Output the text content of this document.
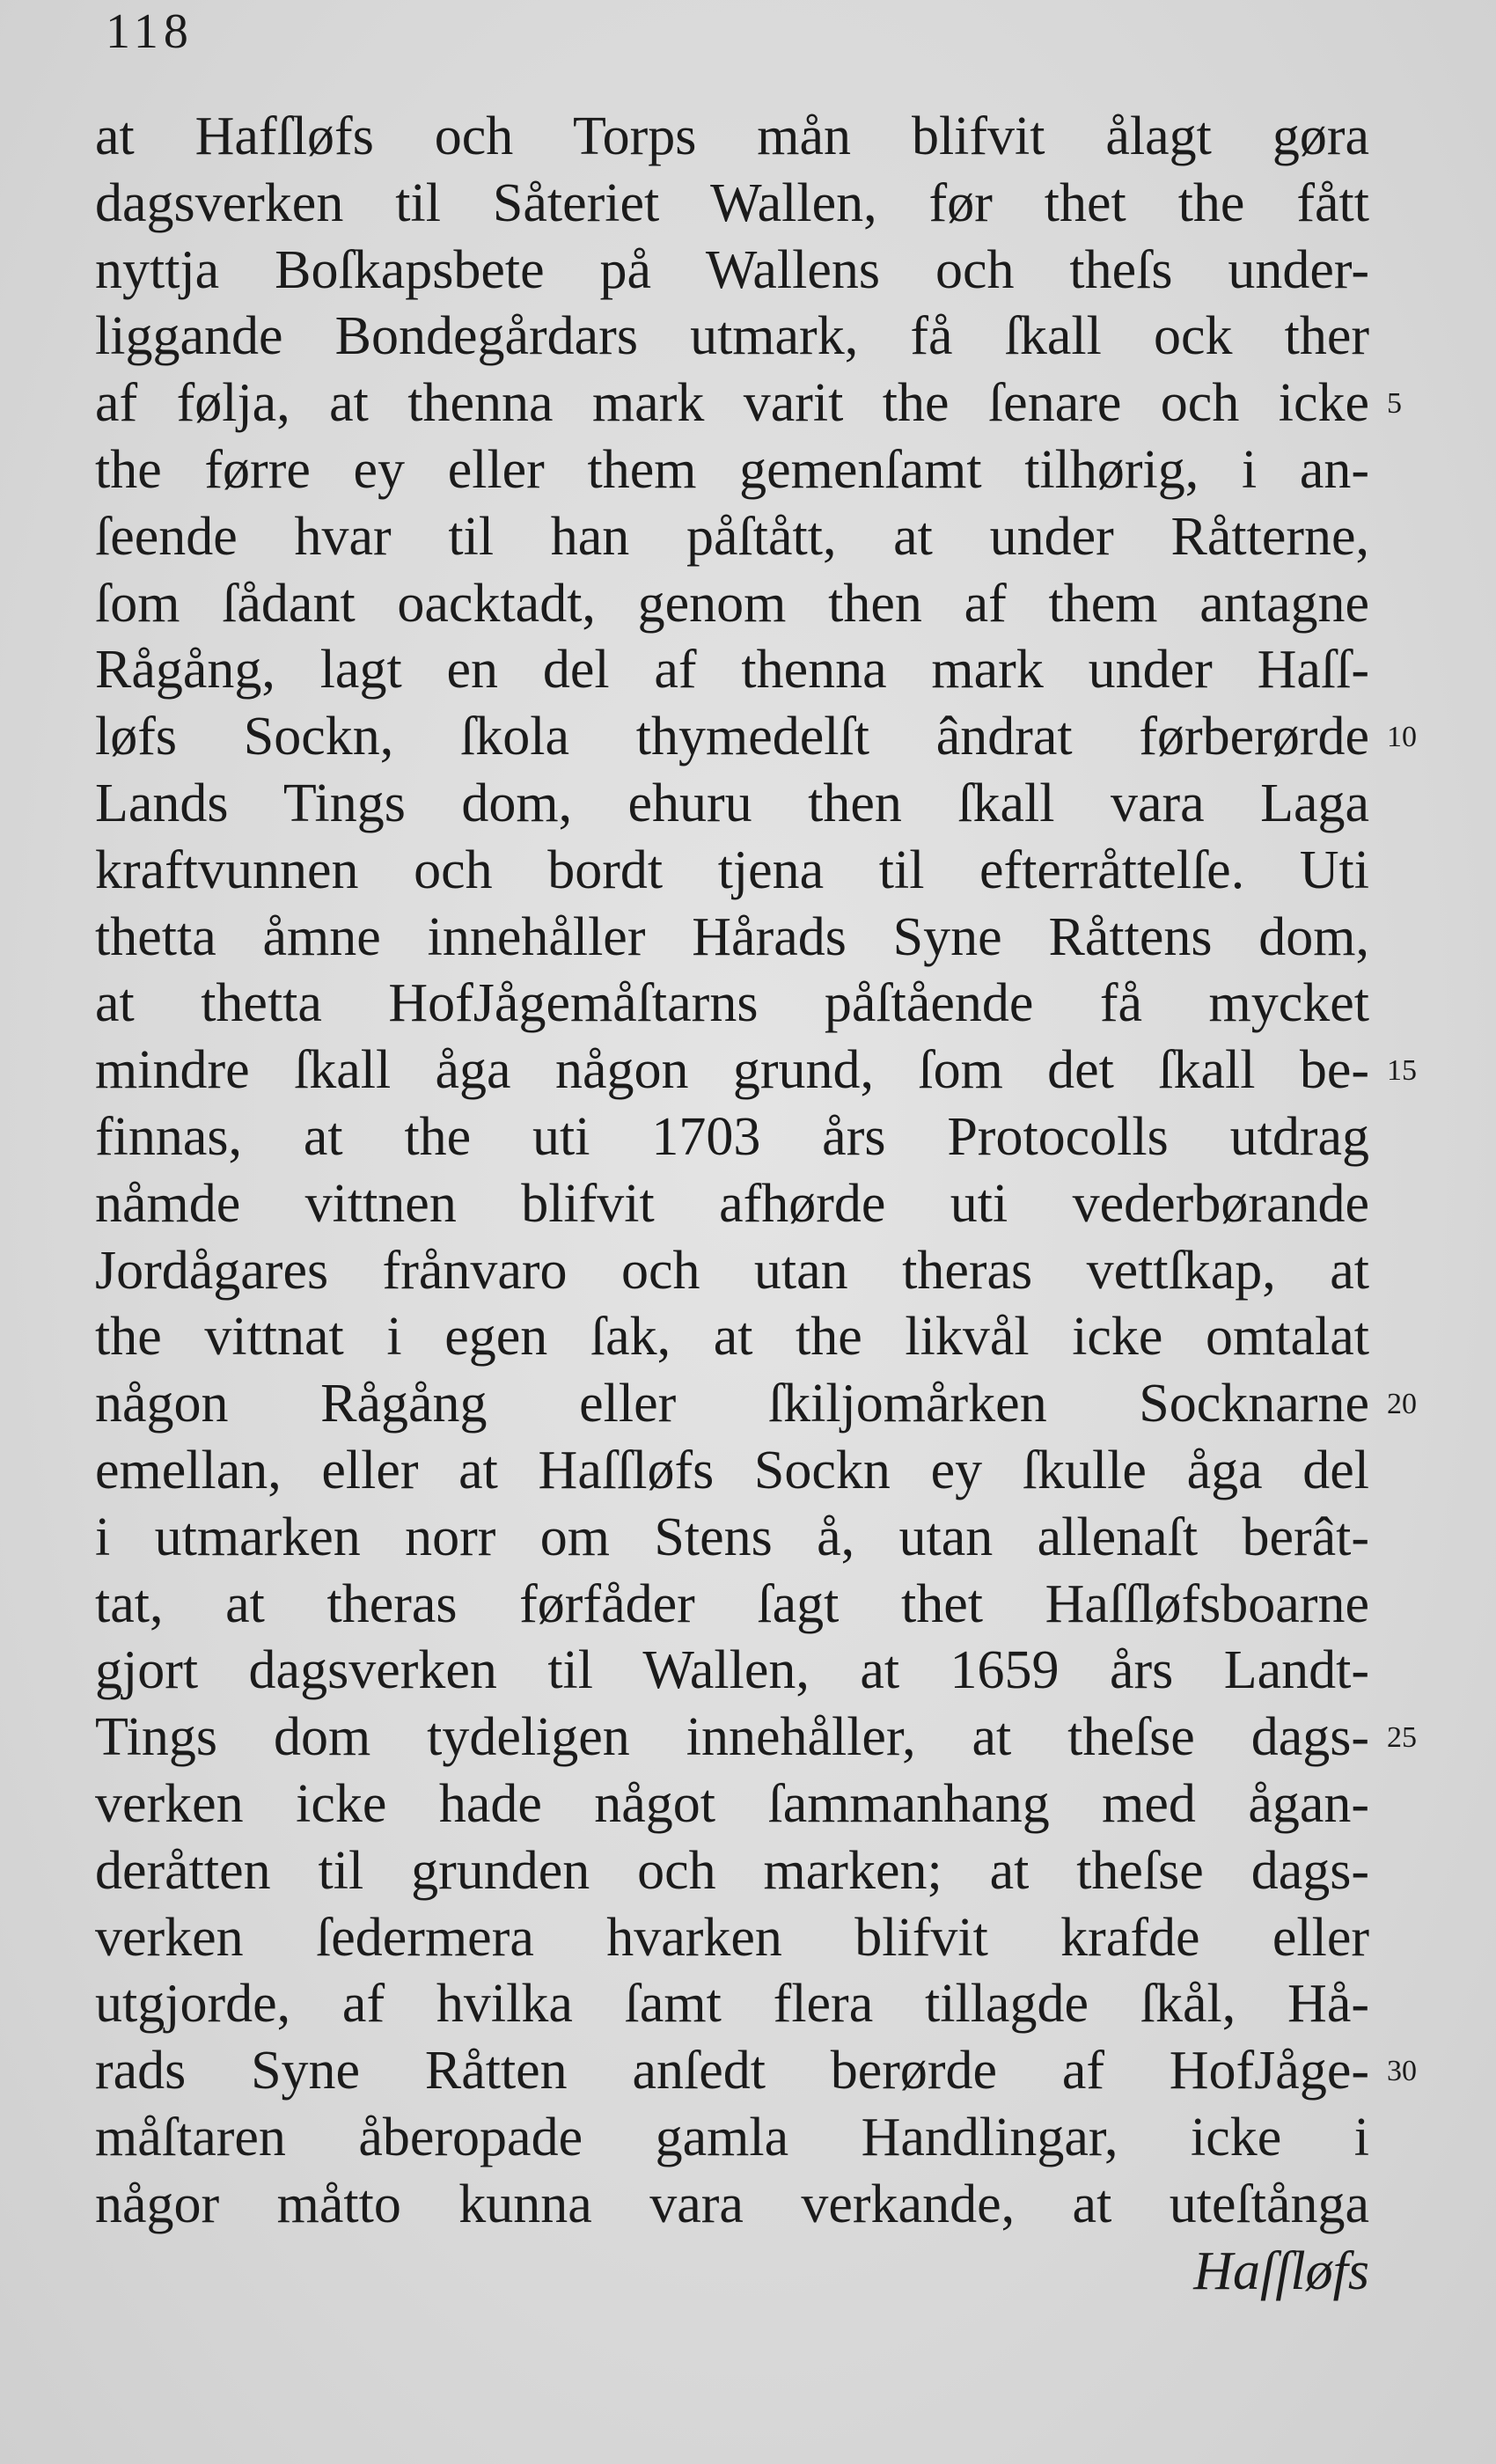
118
at Hafſløfs och Torps mån blifvit ålagt gøra
dagsverken til Såteriet Wallen, før thet the fått
nyttja Boſkapsbete på Wallens och theſs under-
liggande Bondegårdars utmark, få ſkall ock ther
af følja, at thenna mark varit the ſenare och icke 5
the førre ey eller them gemenſamt tilhørig, i an-
ſeende hvar til han påſtått, at under Råtterne,
ſom ſådant oacktadt, genom then af them antagne
Rågång, lagt en del af thenna mark under Haſſ-
løfs Sockn, ſkola thymedelſt ândrat førberørde 10
Lands Tings dom, ehuru then ſkall vara Laga
kraftvunnen och bordt tjena til efterråttelſe. Uti
thetta åmne innehåller Hårads Syne Råttens dom,
at thetta HofJågemåſtarns påſtående få mycket
mindre ſkall åga någon grund, ſom det ſkall be- 15
finnas, at the uti 1703 års Protocolls utdrag
nåmde vittnen blifvit afhørde uti vederbørande
Jordågares frånvaro och utan theras vettſkap, at
the vittnat i egen ſak, at the likvål icke omtalat
någon Rågång eller ſkiljomårken Socknarne 20
emellan, eller at Haſſløfs Sockn ey ſkulle åga del
i utmarken norr om Stens å, utan allenaſt berât-
tat, at theras førfåder ſagt thet Haſſløfsboarne
gjort dagsverken til Wallen, at 1659 års Landt-
Tings dom tydeligen innehåller, at theſse dags- 25
verken icke hade något ſammanhang med ågan-
deråtten til grunden och marken; at theſse dags-
verken ſedermera hvarken blifvit krafde eller
utgjorde, af hvilka ſamt flera tillagde ſkål, Hå-
rads Syne Råtten anſedt berørde af HofJåge- 30
måſtaren åberopade gamla Handlingar, icke i
någor måtto kunna vara verkande, at uteſtånga
Haſſløfs
